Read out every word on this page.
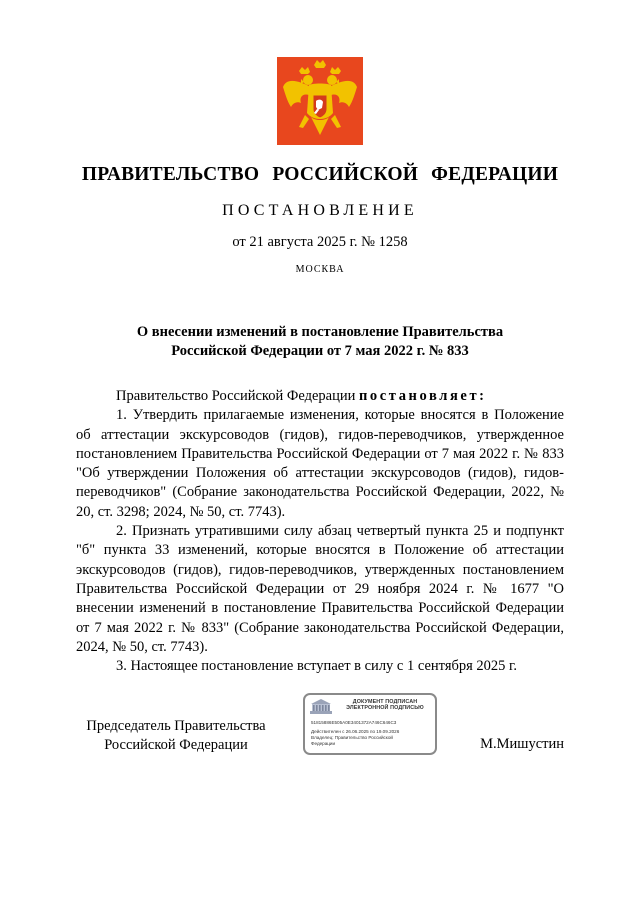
ПРАВИТЕЛЬСТВО РОССИЙСКОЙ ФЕДЕРАЦИИ
ПОСТАНОВЛЕНИЕ
от 21 августа 2025 г. № 1258
МОСКВА
О внесении изменений в постановление Правительства
Российской Федерации от 7 мая 2022 г. № 833

Правительство Российской Федерации постановляет:

1. Утвердить прилагаемые изменения, которые вносятся в Положение об аттестации экскурсоводов (гидов), гидов-переводчиков, утвержденное постановлением Правительства Российской Федерации от 7 мая 2022 г. № 833 "Об утверждении Положения об аттестации экскурсоводов (гидов), гидов-переводчиков" (Собрание законодательства Российской Федерации, 2022, № 20, ст. 3298; 2024, № 50, ст. 7743).

2. Признать утратившими силу абзац четвертый пункта 25 и подпункт "б" пункта 33 изменений, которые вносятся в Положение об аттестации экскурсоводов (гидов), гидов-переводчиков, утвержденных постановлением Правительства Российской Федерации от 29 ноября 2024 г. № 1677 "О внесении изменений в постановление Правительства Российской Федерации от 7 мая 2022 г. № 833" (Собрание законодательства Российской Федерации, 2024, № 50, ст. 7743).

3. Настоящее постановление вступает в силу с 1 сентября 2025 г.

Председатель Правительства
Российской Федерации
ДОКУМЕНТ ПОДПИСАН
ЭЛЕКТРОННОЙ ПОДПИСЬЮ
51815886E505A0E3401372A746C646C3
Действителен с 26.06.2025 по 19.09.2026
Владелец: Правительство Российской
Федерации	М.Мишустин
